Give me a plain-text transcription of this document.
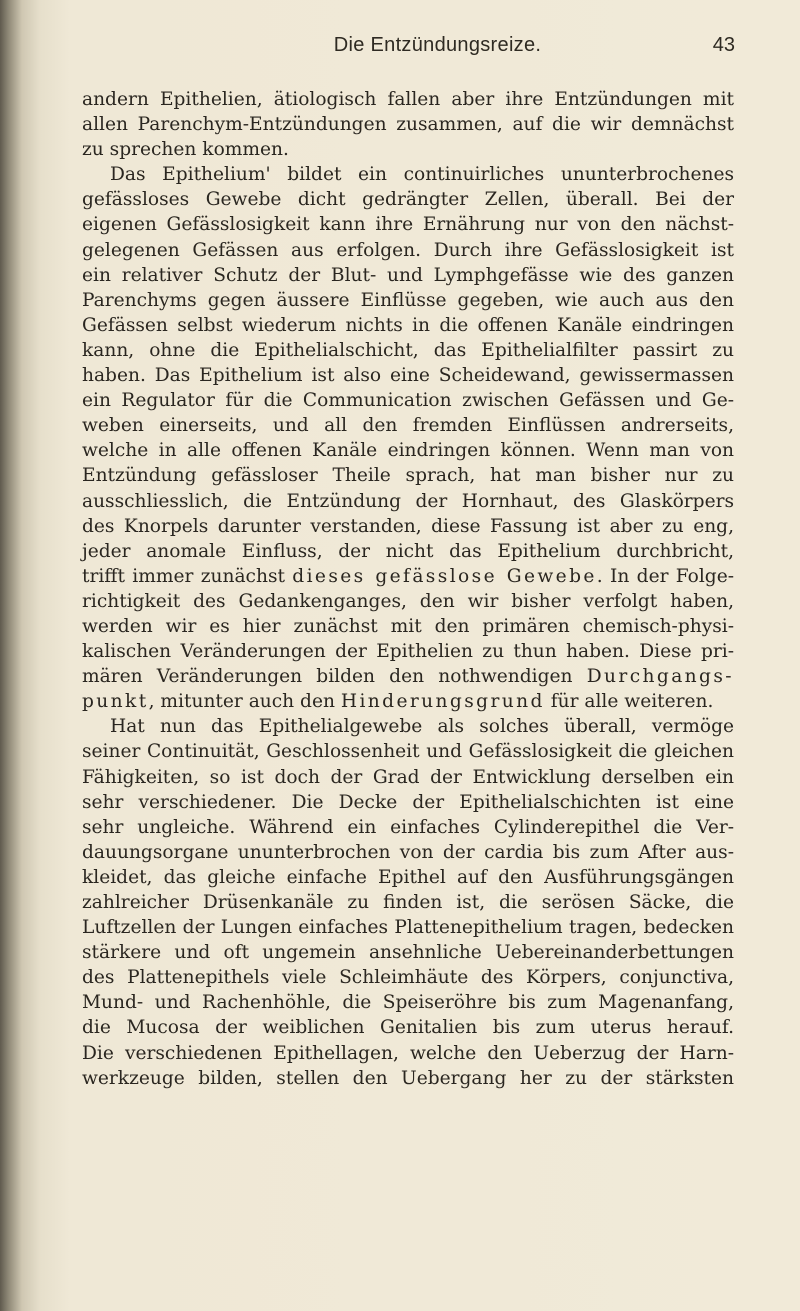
Die Entzündungsreize.	43
andern Epithelien, ätiologisch fallen aber ihre Entzündungen mit
allen Parenchym-Entzündungen zusammen, auf die wir demnächst
zu sprechen kommen.
Das Epithelium' bildet ein continuirliches ununterbrochenes
gefässloses Gewebe dicht gedrängter Zellen, überall. Bei der
eigenen Gefässlosigkeit kann ihre Ernährung nur von den nächst-
gelegenen Gefässen aus erfolgen. Durch ihre Gefässlosigkeit ist
ein relativer Schutz der Blut- und Lymphgefässe wie des ganzen
Parenchyms gegen äussere Einflüsse gegeben, wie auch aus den
Gefässen selbst wiederum nichts in die offenen Kanäle eindringen
kann, ohne die Epithelialschicht, das Epithelialfilter passirt zu
haben. Das Epithelium ist also eine Scheidewand, gewissermassen
ein Regulator für die Communication zwischen Gefässen und Ge-
weben einerseits, und all den fremden Einflüssen andrerseits,
welche in alle offenen Kanäle eindringen können. Wenn man von
Entzündung gefässloser Theile sprach, hat man bisher nur zu
ausschliesslich, die Entzündung der Hornhaut, des Glaskörpers
des Knorpels darunter verstanden, diese Fassung ist aber zu eng,
jeder anomale Einfluss, der nicht das Epithelium durchbricht,
trifft immer zunächst dieses gefässlose Gewebe. In der Folge-
richtigkeit des Gedankenganges, den wir bisher verfolgt haben,
werden wir es hier zunächst mit den primären chemisch-physi-
kalischen Veränderungen der Epithelien zu thun haben. Diese pri-
mären Veränderungen bilden den nothwendigen Durchgangs-
punkt, mitunter auch den Hinderungsgrund für alle weiteren.
Hat nun das Epithelialgewebe als solches überall, vermöge
seiner Continuität, Geschlossenheit und Gefässlosigkeit die gleichen
Fähigkeiten, so ist doch der Grad der Entwicklung derselben ein
sehr verschiedener. Die Decke der Epithelialschichten ist eine
sehr ungleiche. Während ein einfaches Cylinderepithel die Ver-
dauungsorgane ununterbrochen von der cardia bis zum After aus-
kleidet, das gleiche einfache Epithel auf den Ausführungsgängen
zahlreicher Drüsenkanäle zu finden ist, die serösen Säcke, die
Luftzellen der Lungen einfaches Plattenepithelium tragen, bedecken
stärkere und oft ungemein ansehnliche Uebereinanderbettungen
des Plattenepithels viele Schleimhäute des Körpers, conjunctiva,
Mund- und Rachenhöhle, die Speiseröhre bis zum Magenanfang,
die Mucosa der weiblichen Genitalien bis zum uterus herauf.
Die verschiedenen Epithellagen, welche den Ueberzug der Harn-
werkzeuge bilden, stellen den Uebergang her zu der stärksten
